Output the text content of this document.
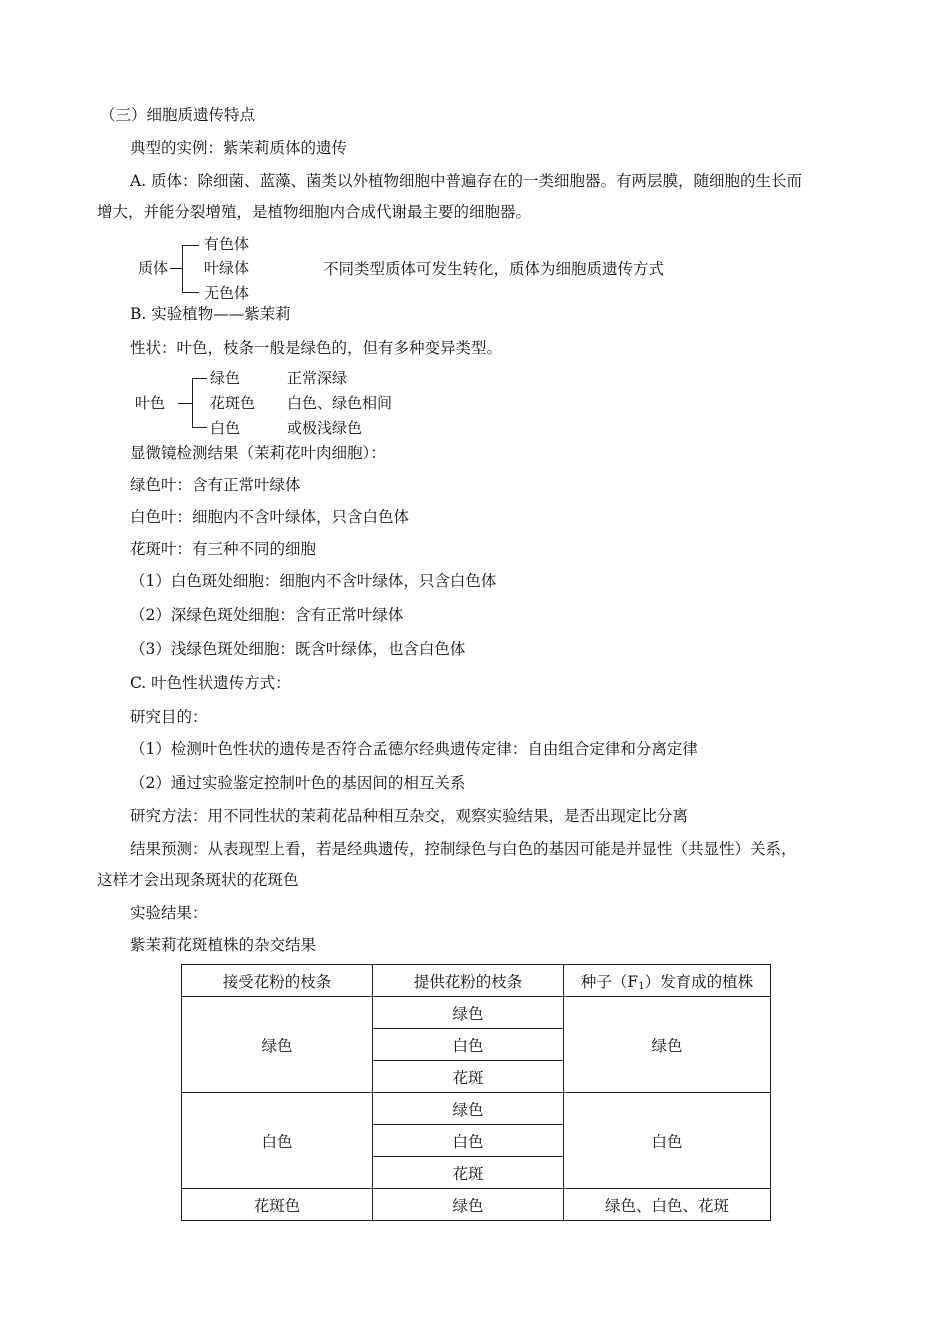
（三）细胞质遗传特点
典型的实例：紫茉莉质体的遗传
A. 质体：除细菌、蓝藻、菌类以外植物细胞中普遍存在的一类细胞器。有两层膜，随细胞的生长而
增大，并能分裂增殖，是植物细胞内合成代谢最主要的细胞器。
质体
有色体
叶绿体
无色体
不同类型质体可发生转化，质体为细胞质遗传方式
B. 实验植物——紫茉莉
性状：叶色，枝条一般是绿色的，但有多种变异类型。
叶色
绿色	正常深绿
花斑色 白色、绿色相间
白色	或极浅绿色
显微镜检测结果（茉莉花叶肉细胞）：
绿色叶：含有正常叶绿体
白色叶：细胞内不含叶绿体，只含白色体
花斑叶：有三种不同的细胞
（1）白色斑处细胞：细胞内不含叶绿体，只含白色体
（2）深绿色斑处细胞：含有正常叶绿体
（3）浅绿色斑处细胞：既含叶绿体，也含白色体
C. 叶色性状遗传方式：
研究目的：
（1）检测叶色性状的遗传是否符合孟德尔经典遗传定律：自由组合定律和分离定律
（2）通过实验鉴定控制叶色的基因间的相互关系
研究方法：用不同性状的茉莉花品种相互杂交，观察实验结果，是否出现定比分离
结果预测：从表现型上看，若是经典遗传，控制绿色与白色的基因可能是并显性（共显性）关系，
这样才会出现条斑状的花斑色
实验结果：
紫茉莉花斑植株的杂交结果
接受花粉的枝条	提供花粉的枝条	种子$(F_1)$发育成的植株
绿色	绿色	绿色
	白色	
	花斑	
白色	绿色	白色
	白色	
	花斑	
花斑色	绿色	绿色、白色、花斑
